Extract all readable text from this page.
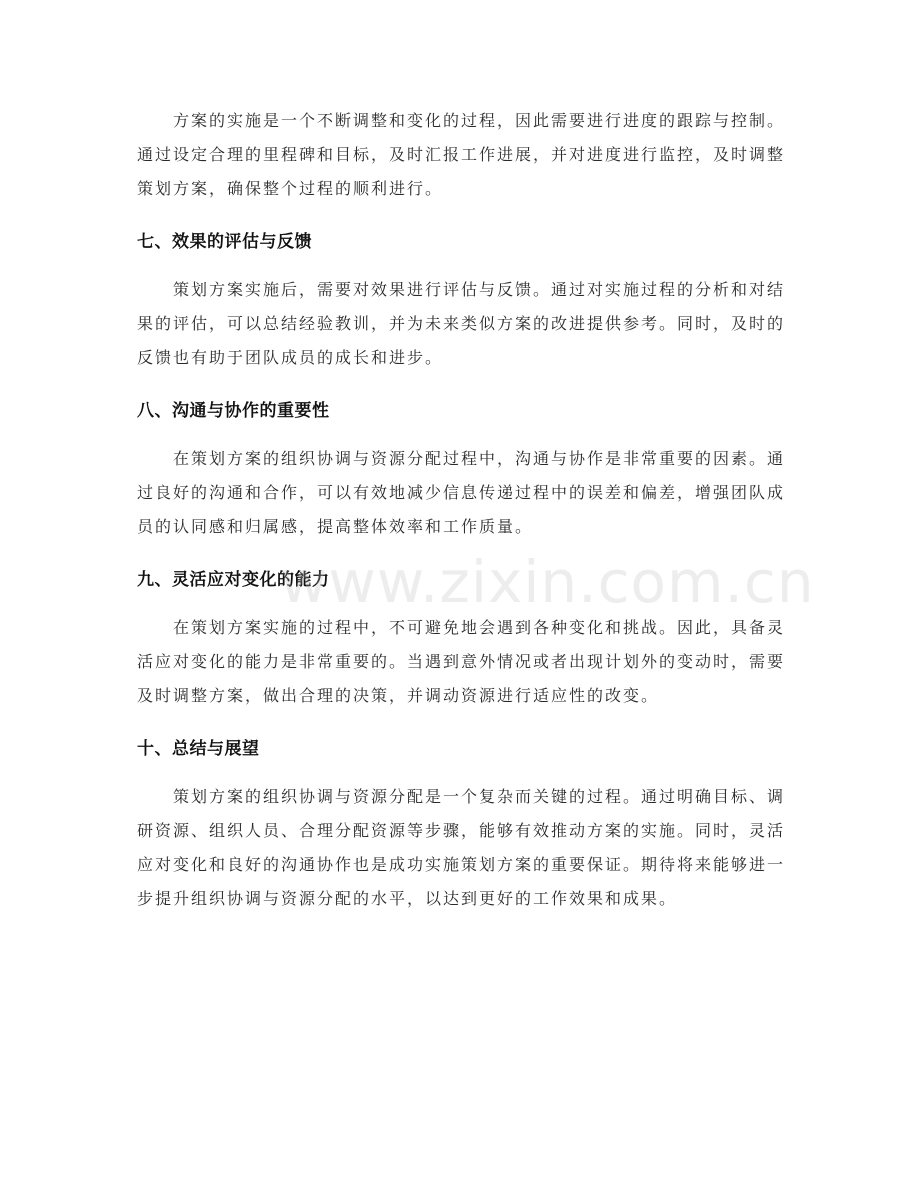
方案的实施是一个不断调整和变化的过程，因此需要进行进度的跟踪与控制。通过设定合理的里程碑和目标，及时汇报工作进展，并对进度进行监控，及时调整策划方案，确保整个过程的顺利进行。

七、效果的评估与反馈

策划方案实施后，需要对效果进行评估与反馈。通过对实施过程的分析和对结果的评估，可以总结经验教训，并为未来类似方案的改进提供参考。同时，及时的反馈也有助于团队成员的成长和进步。

八、沟通与协作的重要性

在策划方案的组织协调与资源分配过程中，沟通与协作是非常重要的因素。通过良好的沟通和合作，可以有效地减少信息传递过程中的误差和偏差，增强团队成员的认同感和归属感，提高整体效率和工作质量。

九、灵活应对变化的能力

在策划方案实施的过程中，不可避免地会遇到各种变化和挑战。因此，具备灵活应对变化的能力是非常重要的。当遇到意外情况或者出现计划外的变动时，需要及时调整方案，做出合理的决策，并调动资源进行适应性的改变。

十、总结与展望

策划方案的组织协调与资源分配是一个复杂而关键的过程。通过明确目标、调研资源、组织人员、合理分配资源等步骤，能够有效推动方案的实施。同时，灵活应对变化和良好的沟通协作也是成功实施策划方案的重要保证。期待将来能够进一步提升组织协调与资源分配的水平，以达到更好的工作效果和成果。

www.zixin.com.cn
